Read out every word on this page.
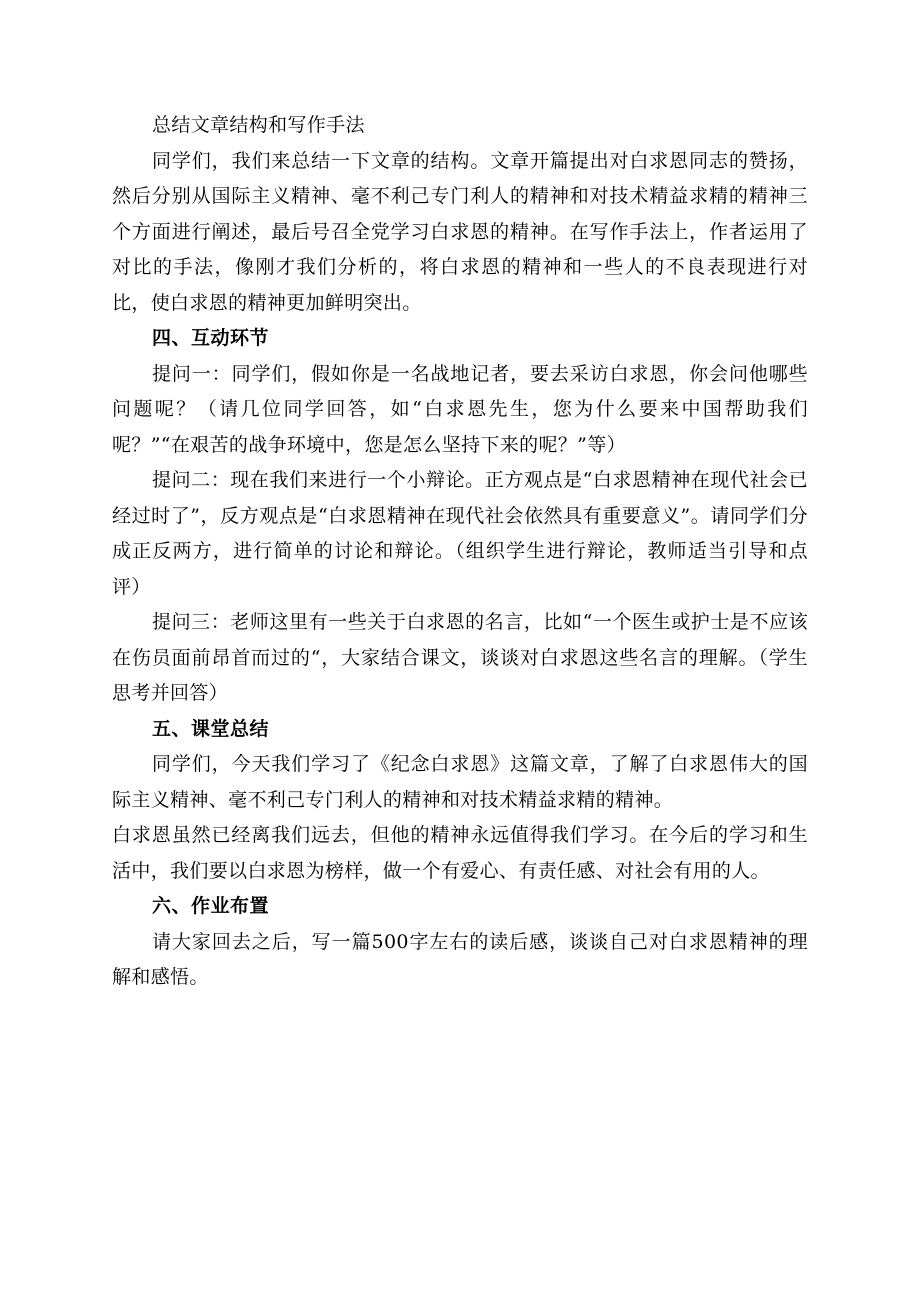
总结文章结构和写作手法

同学们，我们来总结一下文章的结构。文章开篇提出对白求恩同志的赞扬，然后分别从国际主义精神、毫不利己专门利人的精神和对技术精益求精的精神三个方面进行阐述，最后号召全党学习白求恩的精神。在写作手法上，作者运用了对比的手法，像刚才我们分析的，将白求恩的精神和一些人的不良表现进行对比，使白求恩的精神更加鲜明突出。

四、互动环节

提问一：同学们，假如你是一名战地记者，要去采访白求恩，你会问他哪些问题呢？（请几位同学回答，如“白求恩先生，您为什么要来中国帮助我们呢？”“在艰苦的战争环境中，您是怎么坚持下来的呢？”等）

提问二：现在我们来进行一个小辩论。正方观点是“白求恩精神在现代社会已经过时了”，反方观点是“白求恩精神在现代社会依然具有重要意义”。请同学们分成正反两方，进行简单的讨论和辩论。（组织学生进行辩论，教师适当引导和点评）

提问三：老师这里有一些关于白求恩的名言，比如“一个医生或护士是不应该在伤员面前昂首而过的“，大家结合课文，谈谈对白求恩这些名言的理解。（学生思考并回答）

五、课堂总结

同学们，今天我们学习了《纪念白求恩》这篇文章，了解了白求恩伟大的国际主义精神、毫不利己专门利人的精神和对技术精益求精的精神。

白求恩虽然已经离我们远去，但他的精神永远值得我们学习。在今后的学习和生活中，我们要以白求恩为榜样，做一个有爱心、有责任感、对社会有用的人。

六、作业布置

请大家回去之后，写一篇500字左右的读后感，谈谈自己对白求恩精神的理解和感悟。
